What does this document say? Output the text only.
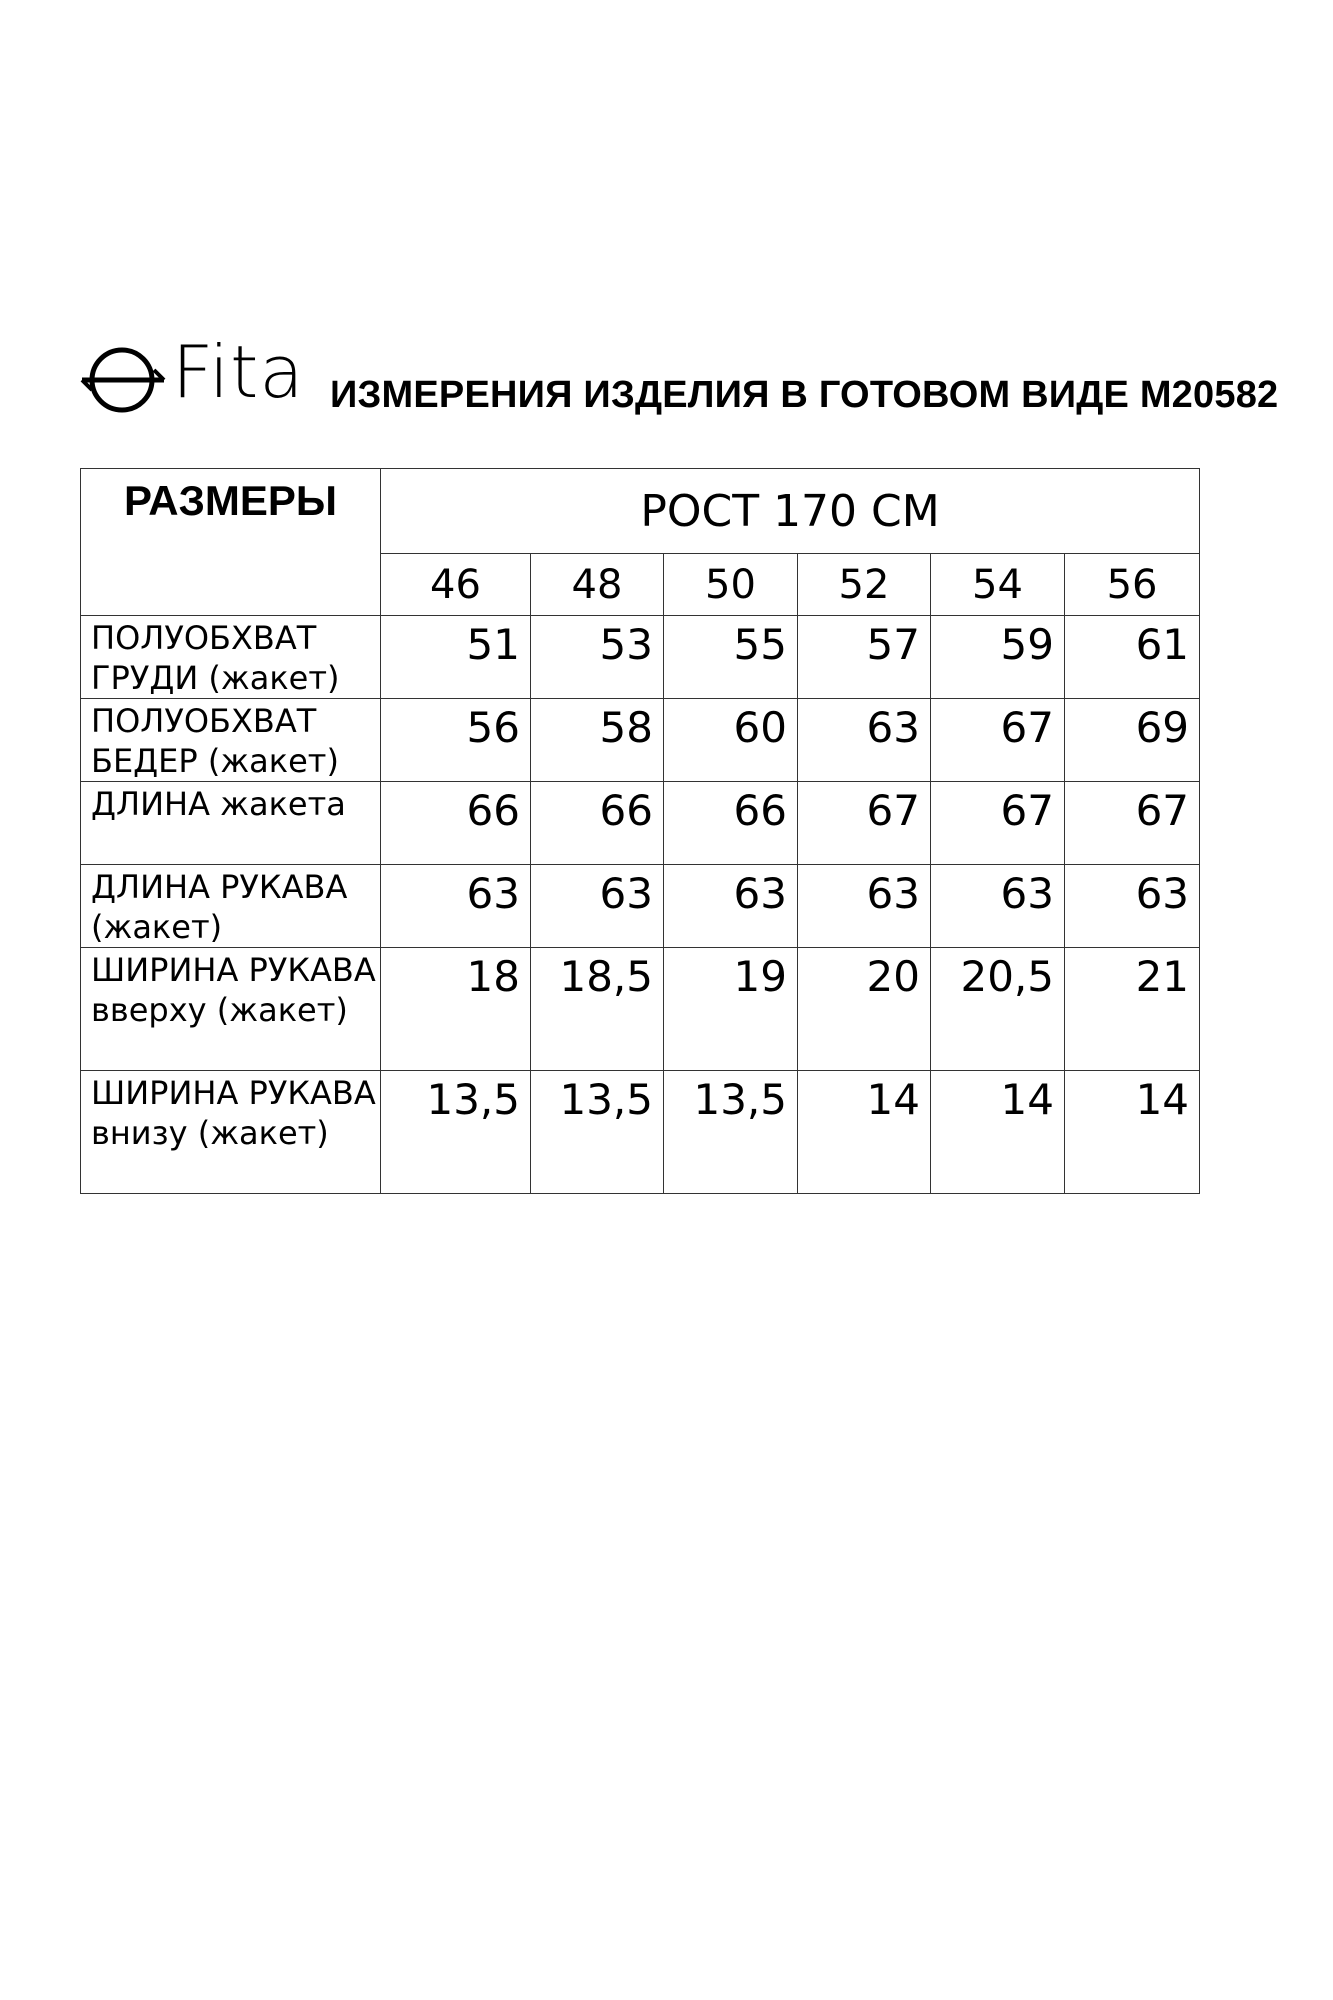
Fita ИЗМЕРЕНИЯ ИЗДЕЛИЯ В ГОТОВОМ ВИДЕ М20582
РАЗМЕРЫ	РОСТ 170 СМ					
	46	48	50	52	54	56
ПОЛУОБХВАТ ГРУДИ (жакет)	51	53	55	57	59	61
ПОЛУОБХВАТ БЕДЕР (жакет)	56	58	60	63	67	69
ДЛИНА жакета	66	66	66	67	67	67
ДЛИНА РУКАВА (жакет)	63	63	63	63	63	63
ШИРИНА РУКАВА вверху (жакет)	18	18,5	19	20	20,5	21
ШИРИНА РУКАВА внизу (жакет)	13,5	13,5	13,5	14	14	14
